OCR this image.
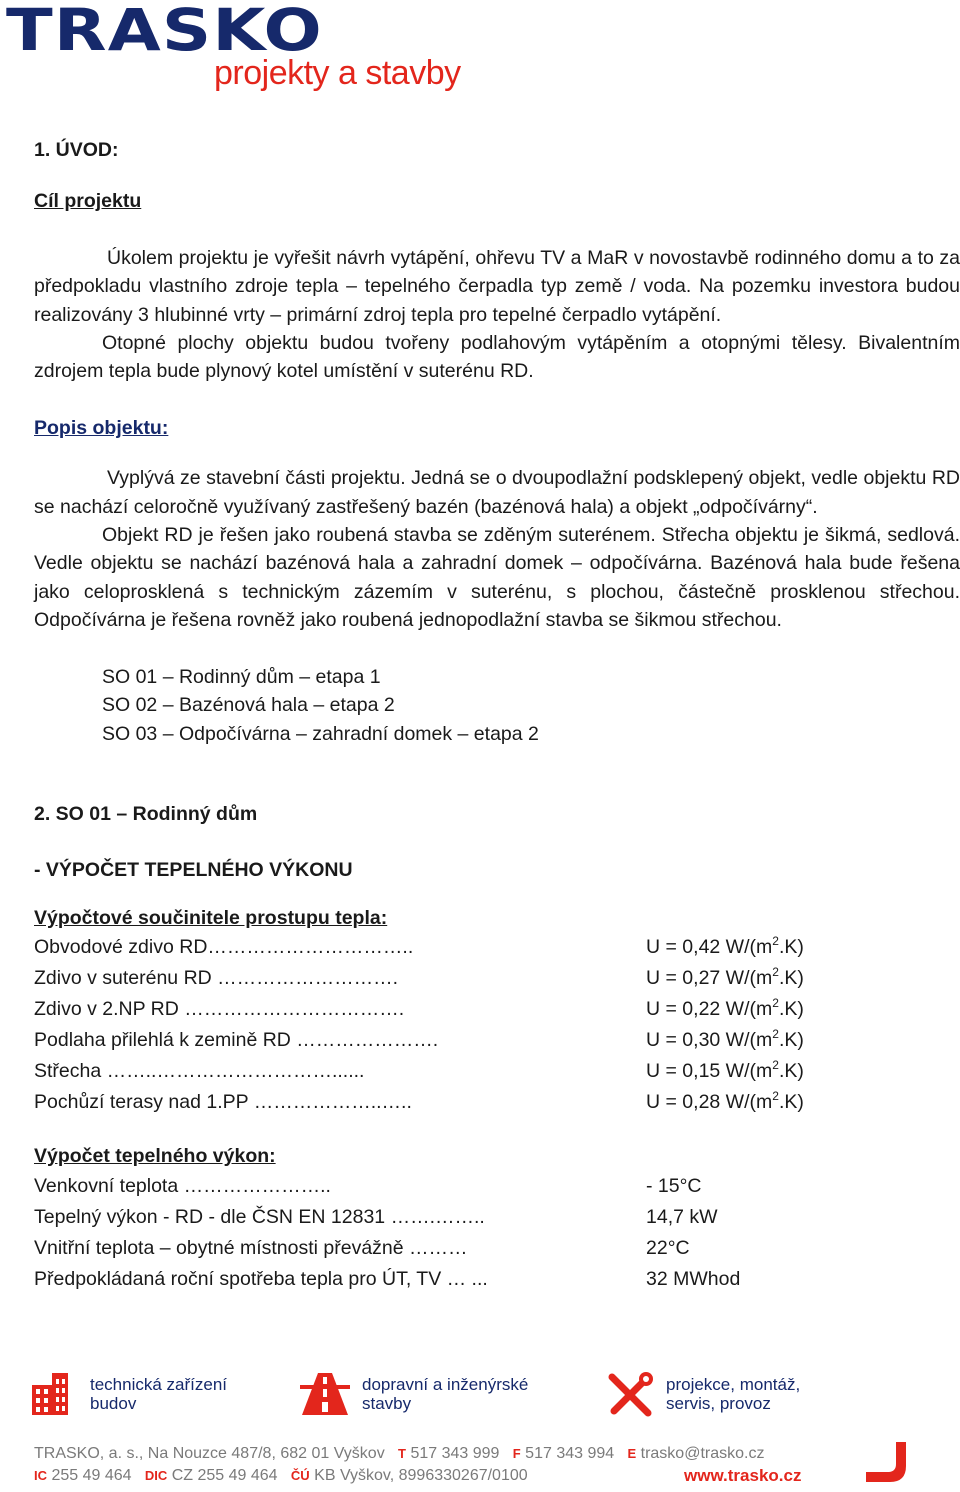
TRASKO
projekty a stavby
1. ÚVOD:
Cíl projektu

Úkolem projektu je vyřešit návrh vytápění, ohřevu TV a MaR v novostavbě rodinného domu a to za předpokladu vlastního zdroje tepla – tepelného čerpadla typ země / voda. Na pozemku investora budou realizovány 3 hlubinné vrty – primární zdroj tepla pro tepelné čerpadlo vytápění.

Otopné plochy objektu budou tvořeny podlahovým vytápěním a otopnými tělesy. Bivalentním zdrojem tepla bude plynový kotel umístění v suterénu RD.

Popis objektu:

Vyplývá ze stavební části projektu. Jedná se o dvoupodlažní podsklepený objekt, vedle objektu RD se nachází celoročně využívaný zastřešený bazén (bazénová hala) a objekt „odpočívárny“.

Objekt RD je řešen jako roubená stavba se zděným suterénem. Střecha objektu je šikmá, sedlová. Vedle objektu se nachází bazénová hala a zahradní domek – odpočívárna. Bazénová hala bude řešena jako celoprosklená s technickým zázemím v suterénu, s plochou, částečně prosklenou střechou. Odpočívárna je řešena rovněž jako roubená jednopodlažní stavba se šikmou střechou.

SO 01 – Rodinný dům – etapa 1
SO 02 – Bazénová hala – etapa 2
SO 03 – Odpočívárna – zahradní domek – etapa 2
2. SO 01 – Rodinný dům
- VÝPOČET TEPELNÉHO VÝKONU
Výpočtové součinitele prostupu tepla:
Obvodové zdivo RD…………………………..	U = 0,42 $W/(m^2.K)$
Zdivo v suterénu RD ……………………….	U = 0,27 $W/(m^2.K)$
Zdivo v 2.NP RD …………………………….	U = 0,22 $W/(m^2.K)$
Podlaha přilehlá k zemině RD ………………….	U = 0,30 $W/(m^2.K)$
Střecha ……..………………………......	U = 0,15 $W/(m^2.K)$
Pochůzí terasy nad 1.PP ………………..…..	U = 0,28 $W/(m^2.K)$
Výpočet tepelného výkon:
Venkovní teplota …………………..	- 15°C
Tepelný výkon - RD - dle ČSN EN 12831 …….……..	14,7 kW
Vnitřní teplota – obytné místnosti převážně ………	22°C
Předpokládaná roční spotřeba tepla pro ÚT, TV … ...	32 MWhod
technická zařízení
budov
dopravní a inženýrské
stavby
projekce, montáž,
servis, provoz
TRASKO, a. s., Na Nouzce 487/8, 682 01 Vyškov T 517 343 999 F 517 343 994 E trasko@trasko.cz
IC 255 49 464 DIC CZ 255 49 464 ČÚ KB Vyškov, 8996330267/0100	www.trasko.cz
